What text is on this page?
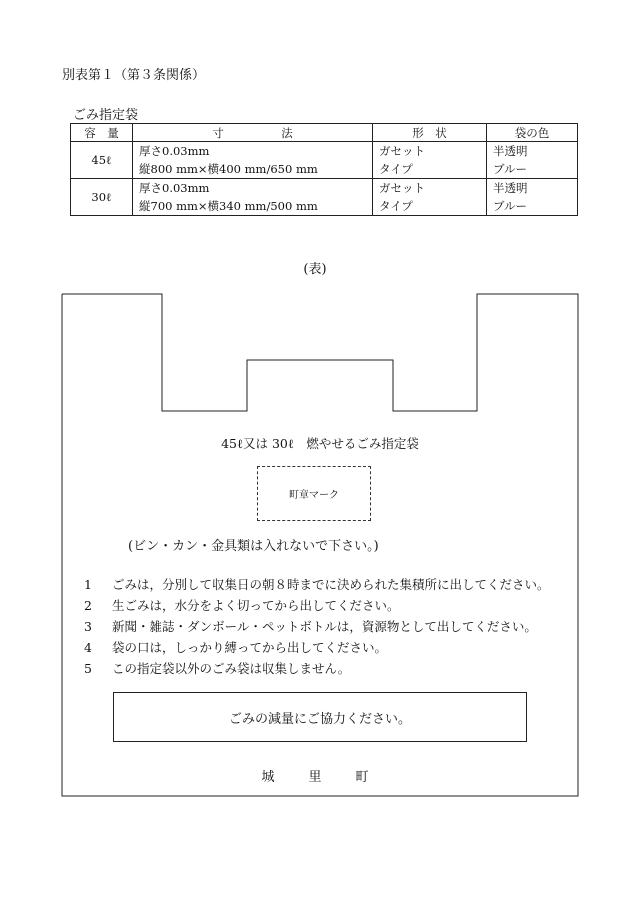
別表第１（第３条関係）
ごみ指定袋
容　量	寸　　　　　法	形　状	袋の色
45ℓ	厚さ0.03mm	ガセット	半透明
	縦800 mm×横400 mm/650 mm	タイプ	ブルー
30ℓ	厚さ0.03mm	ガセット	半透明
	縦700 mm×横340 mm/500 mm	タイプ	ブルー
(表)
45ℓ又は 30ℓ　燃やせるごみ指定袋
町章マーク
(ビン・カン・金具類は入れないで下さい。)
1	ごみは，分別して収集日の朝８時までに決められた集積所に出してください。
2	生ごみは，水分をよく切ってから出してください。
3	新聞・雑誌・ダンボール・ペットボトルは，資源物として出してください。
4	袋の口は，しっかり縛ってから出してください。
5	この指定袋以外のごみ袋は収集しません。
ごみの減量にご協力ください。
城	里	町
